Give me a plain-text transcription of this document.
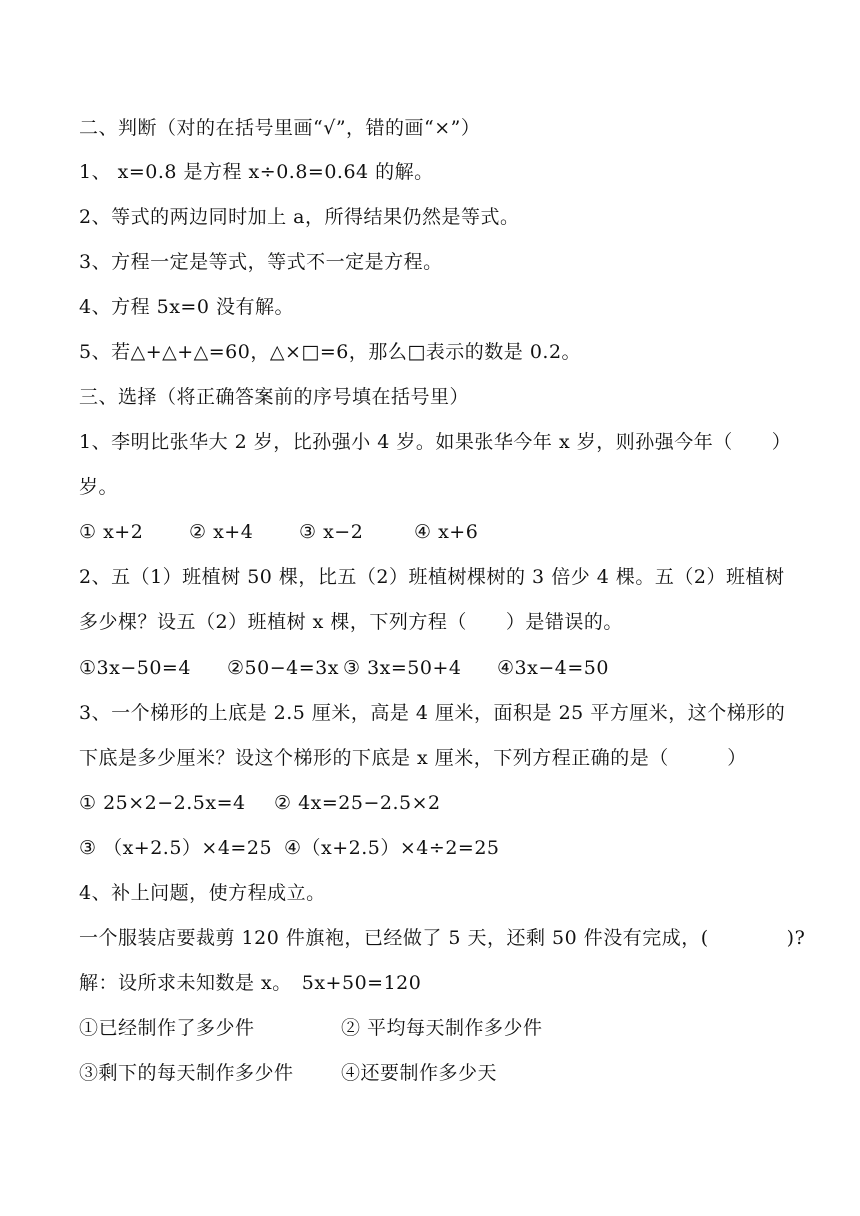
二、判断（对的在括号里画“√”，错的画“×”）
1、 x=0.8 是方程 x÷0.8=0.64 的解。
2、等式的两边同时加上 a，所得结果仍然是等式。
3、方程一定是等式，等式不一定是方程。
4、方程 5x=0 没有解。
5、若△+△+△=60，△×□=6，那么□表示的数是 0.2。
三、选择（将正确答案前的序号填在括号里）
1、李明比张华大 2 岁，比孙强小 4 岁。如果张华今年 x 岁，则孙强今年（　　）
岁。
① x+2 ② x+4 ③ x−2	④ x+6
2、五（1）班植树 50 棵，比五（2）班植树棵树的 3 倍少 4 棵。五（2）班植树
多少棵？设五（2）班植树 x 棵，下列方程（　　）是错误的。
①3x−50=4 ②50−4=3x ③ 3x=50+4 ④3x−4=50
3、一个梯形的上底是 2.5 厘米，高是 4 厘米，面积是 25 平方厘米，这个梯形的
下底是多少厘米？设这个梯形的下底是 x 厘米，下列方程正确的是（　　　）
① 25×2−2.5x=4 ② 4x=25−2.5×2
③ （x+2.5）×4=25 ④（x+2.5）×4÷2=25
4、补上问题，使方程成立。
一个服装店要裁剪 120 件旗袍，已经做了 5 天，还剩 50 件没有完成，(　　　　)?
解：设所求未知数是 x。　5x+50=120
①已经制作了多少件	② 平均每天制作多少件
③剩下的每天制作多少件 ④还要制作多少天
